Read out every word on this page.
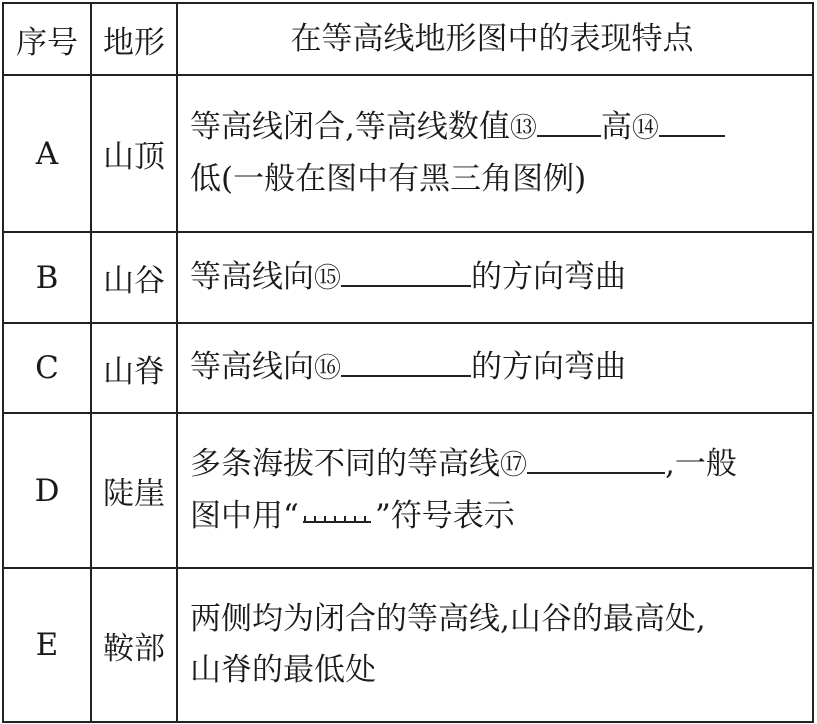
序号	地形	在等高线地形图中的表现特点
A	山顶	等高线闭合,等高线数值⑬ 高⑭
低(一般在图中有黑三角图例)
B	山谷	等高线向⑮ 的方向弯曲
C	山脊	等高线向⑯ 的方向弯曲
D	陡崖	多条海拔不同的等高线⑰ ,一般
图中用“ ”符号表示
E	鞍部	两侧均为闭合的等高线,山谷的最高处,
山脊的最低处
